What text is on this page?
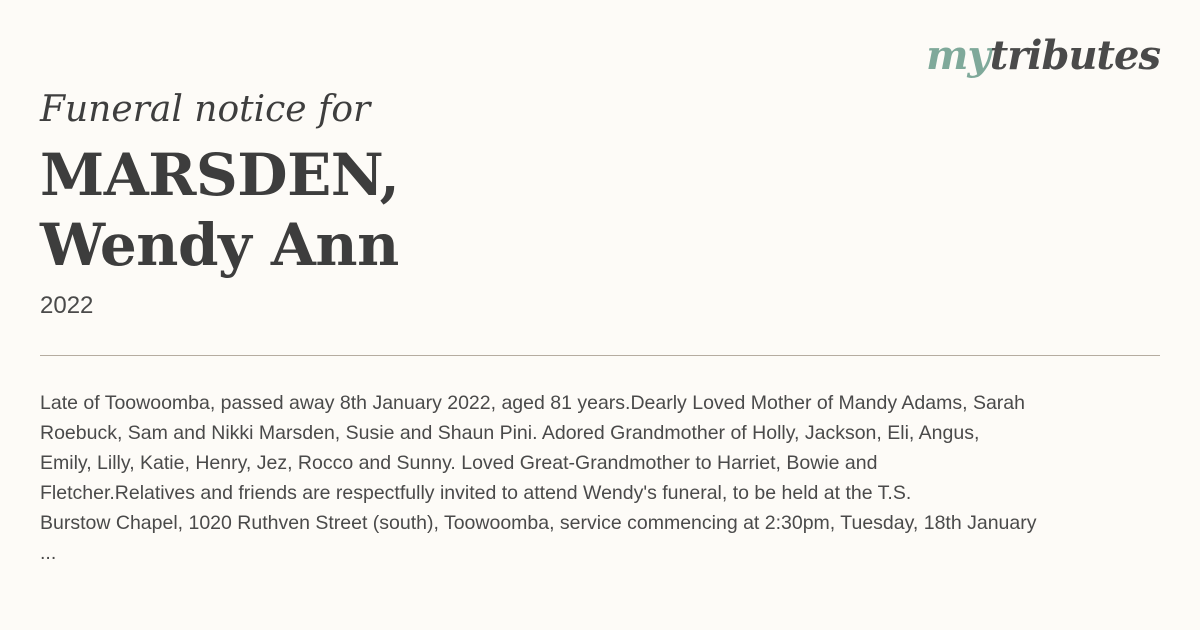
mytributes
Funeral notice for
MARSDEN,
Wendy Ann
2022

Late of Toowoomba, passed away 8th January 2022, aged 81 years.Dearly Loved Mother of Mandy Adams, Sarah
Roebuck, Sam and Nikki Marsden, Susie and Shaun Pini. Adored Grandmother of Holly, Jackson, Eli, Angus,
Emily, Lilly, Katie, Henry, Jez, Rocco and Sunny. Loved Great-Grandmother to Harriet, Bowie and
Fletcher.Relatives and friends are respectfully invited to attend Wendy's funeral, to be held at the T.S.
Burstow Chapel, 1020 Ruthven Street (south), Toowoomba, service commencing at 2:30pm, Tuesday, 18th January
...
